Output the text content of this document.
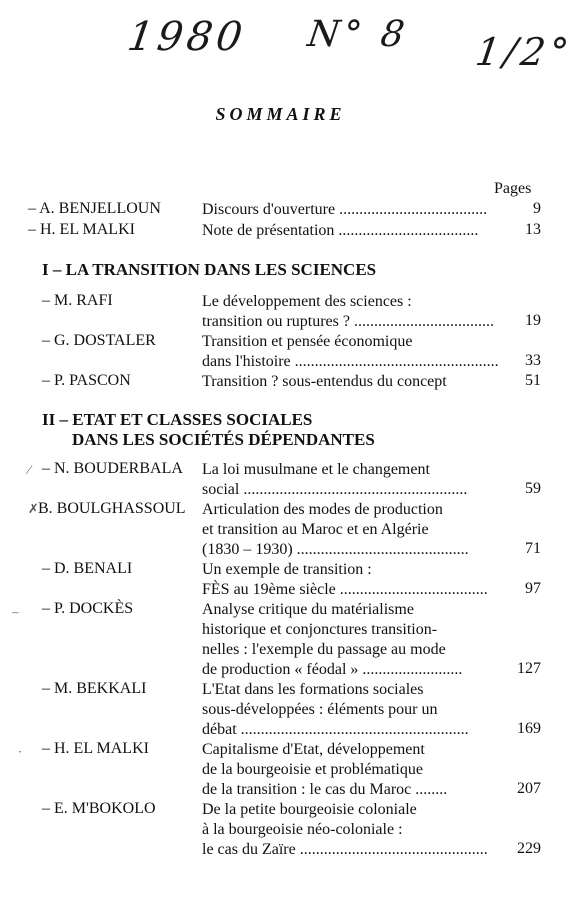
1980 N° 8 1/2°
SOMMAIRE
Pages
– A. BENJELLOUN	Discours d'ouverture .....................................	9
– H. EL MALKI	Note de présentation ...................................	13
I – LA TRANSITION DANS LES SCIENCES
– M. RAFI	Le développement des sciences :
transition ou ruptures ? ...................................	19
– G. DOSTALER	Transition et pensée économique
dans l'histoire ...................................................	33
– P. PASCON	Transition ? sous-entendus du concept	51
II – ETAT ET CLASSES SOCIALES
DANS LES SOCIÉTÉS DÉPENDANTES
⁄ – N. BOUDERBALA La loi musulmane et le changement
social ........................................................	59
✗ B. BOULGHASSOUL Articulation des modes de production
et transition au Maroc et en Algérie
(1830 – 1930) ...........................................	71
– D. BENALI	Un exemple de transition :
FÈS au 19ème siècle .....................................	97
– – P. DOCKÈS	Analyse critique du matérialisme
historique et conjonctures transition-
nelles : l'exemple du passage au mode
de production « féodal » .........................	127
– M. BEKKALI	L'Etat dans les formations sociales
sous-développées : éléments pour un
débat .........................................................	169
· – H. EL MALKI	Capitalisme d'Etat, développement
de la bourgeoisie et problématique
de la transition : le cas du Maroc ........	207
– E. M'BOKOLO	De la petite bourgeoisie coloniale
à la bourgeoisie néo-coloniale :
le cas du Zaïre ...............................................	229
